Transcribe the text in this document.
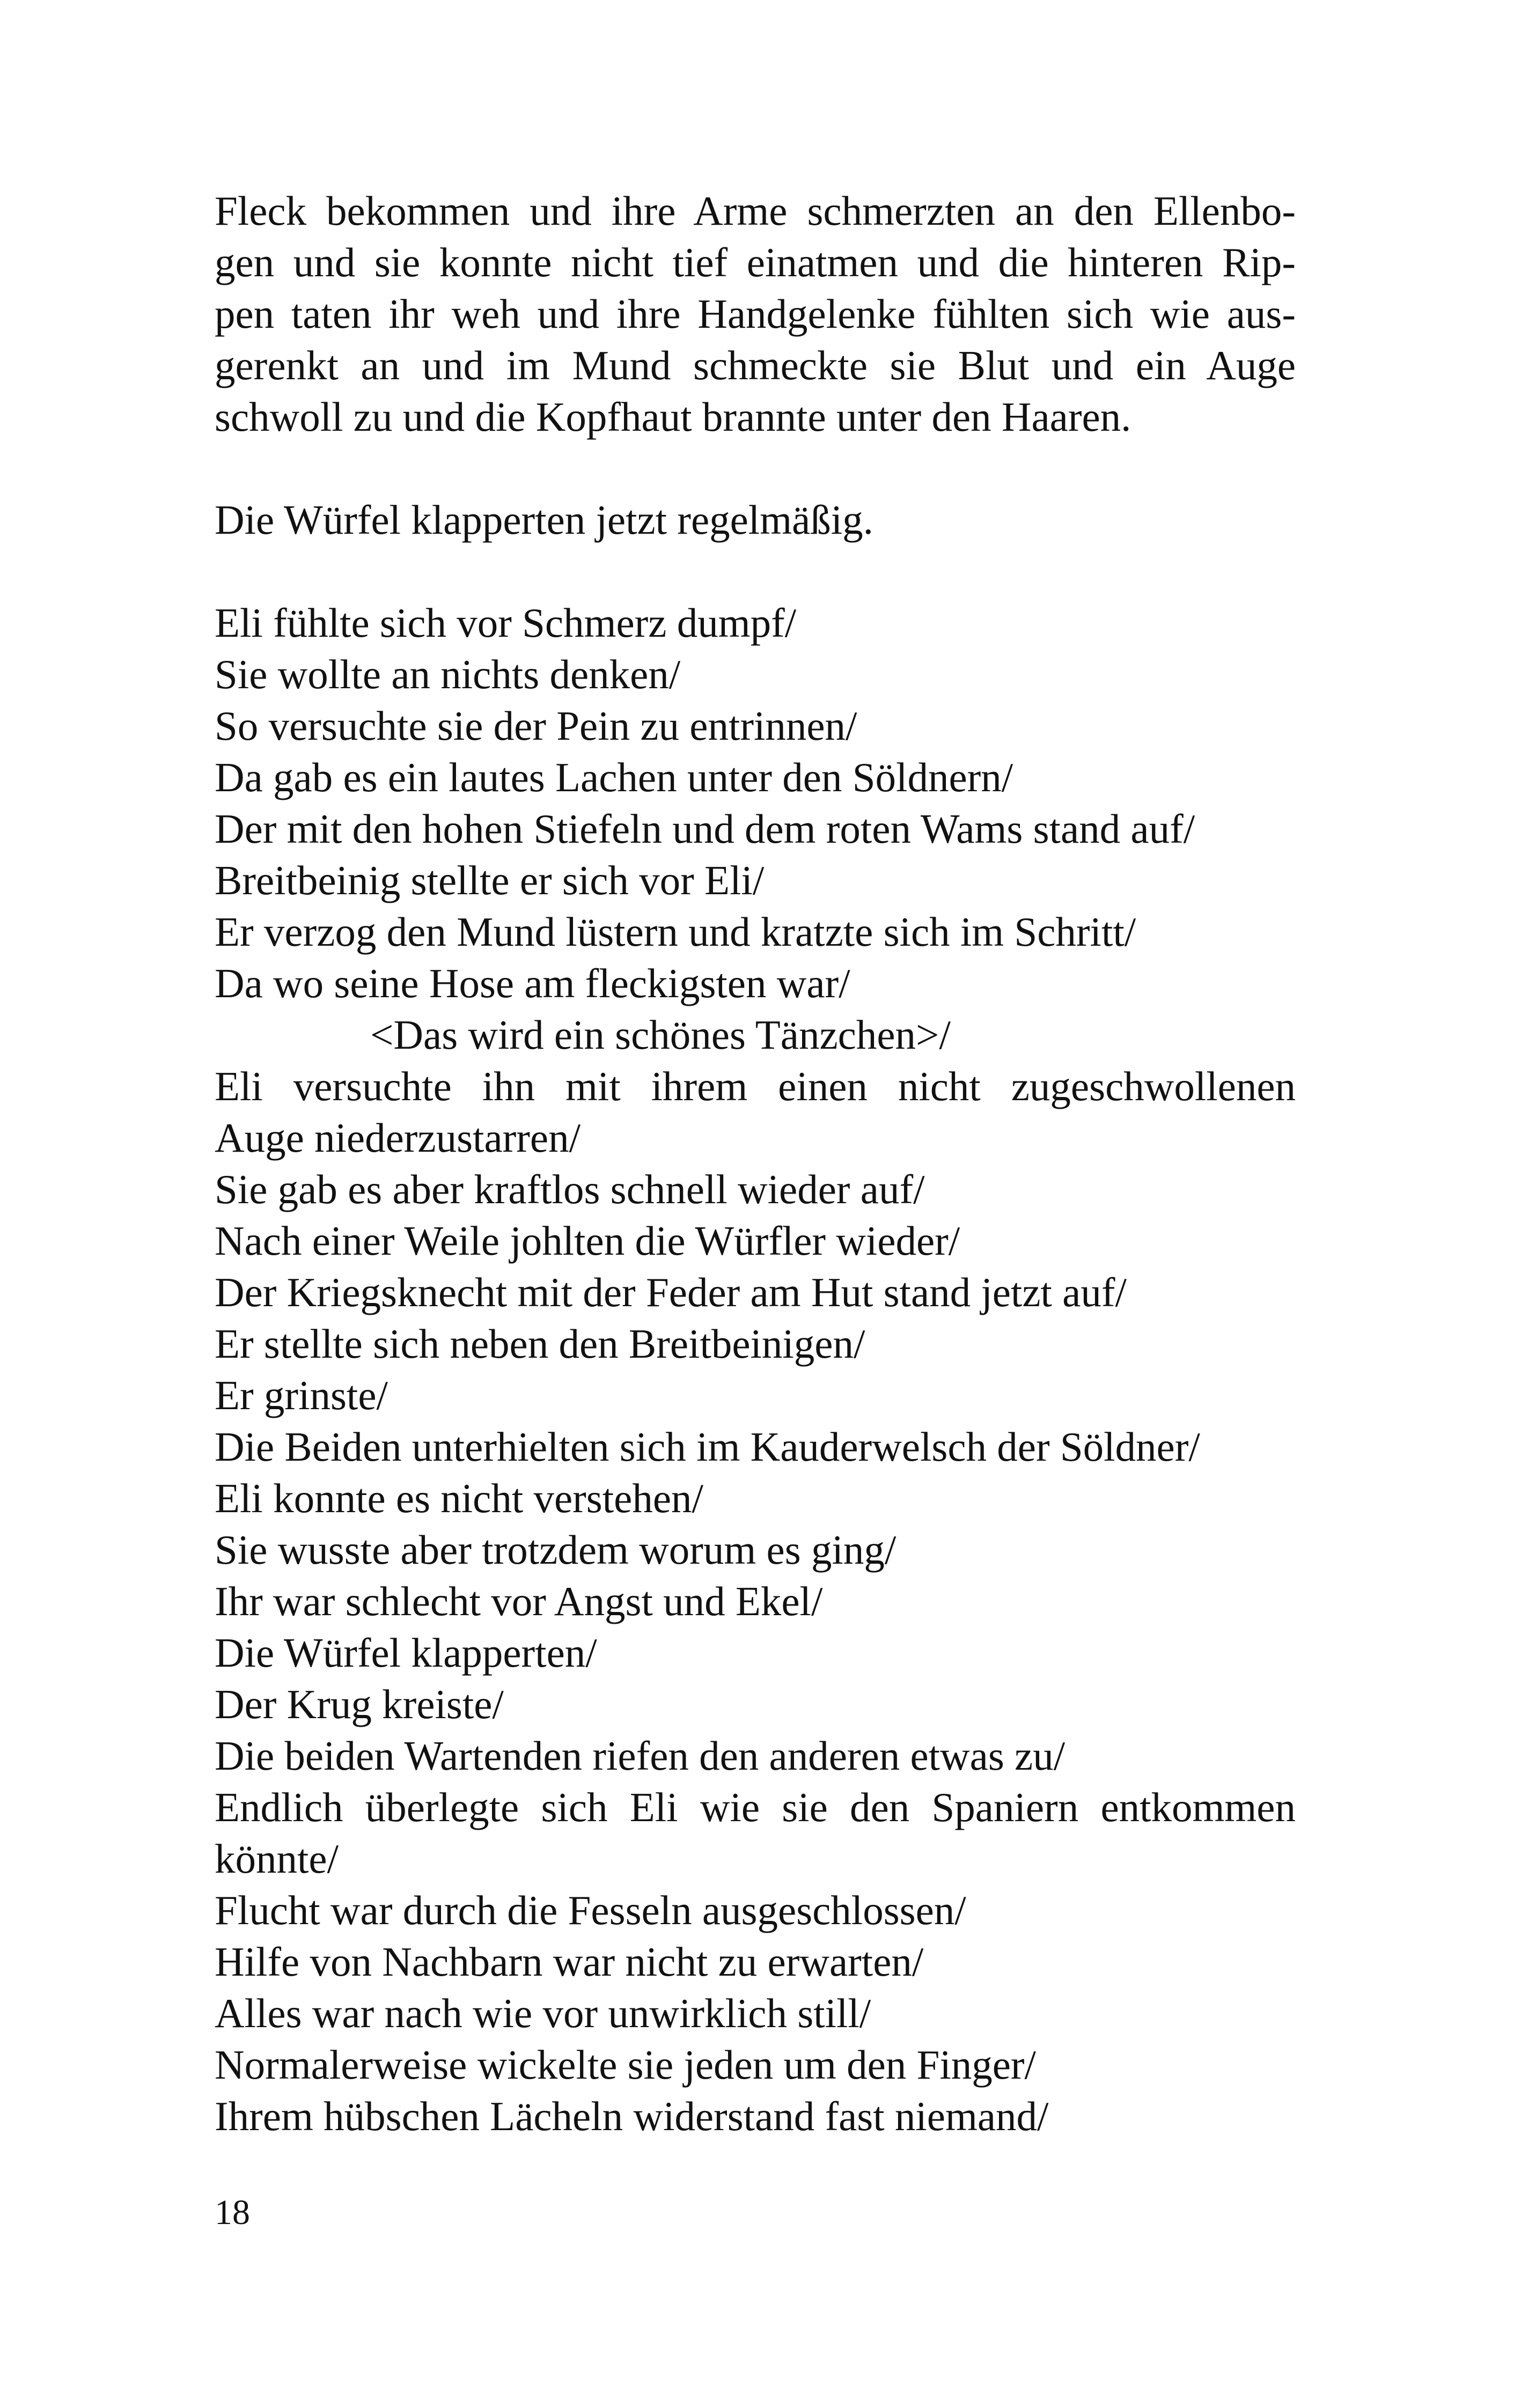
Fleck bekommen und ihre Arme schmerzten an den Ellenbo-
gen und sie konnte nicht tief einatmen und die hinteren Rip-
pen taten ihr weh und ihre Handgelenke fühlten sich wie aus-
gerenkt an und im Mund schmeckte sie Blut und ein Auge
schwoll zu und die Kopfhaut brannte unter den Haaren.

Die Würfel klapperten jetzt regelmäßig.
Eli fühlte sich vor Schmerz dumpf/
Sie wollte an nichts denken/
So versuchte sie der Pein zu entrinnen/
Da gab es ein lautes Lachen unter den Söldnern/
Der mit den hohen Stiefeln und dem roten Wams stand auf/
Breitbeinig stellte er sich vor Eli/
Er verzog den Mund lüstern und kratzte sich im Schritt/
Da wo seine Hose am fleckigsten war/
<Das wird ein schönes Tänzchen>/
Eli versuchte ihn mit ihrem einen nicht zugeschwollenen
Auge niederzustarren/
Sie gab es aber kraftlos schnell wieder auf/
Nach einer Weile johlten die Würfler wieder/
Der Kriegsknecht mit der Feder am Hut stand jetzt auf/
Er stellte sich neben den Breitbeinigen/
Er grinste/
Die Beiden unterhielten sich im Kauderwelsch der Söldner/
Eli konnte es nicht verstehen/
Sie wusste aber trotzdem worum es ging/
Ihr war schlecht vor Angst und Ekel/
Die Würfel klapperten/
Der Krug kreiste/
Die beiden Wartenden riefen den anderen etwas zu/
Endlich überlegte sich Eli wie sie den Spaniern entkommen
könnte/
Flucht war durch die Fesseln ausgeschlossen/
Hilfe von Nachbarn war nicht zu erwarten/
Alles war nach wie vor unwirklich still/
Normalerweise wickelte sie jeden um den Finger/
Ihrem hübschen Lächeln widerstand fast niemand/
18
